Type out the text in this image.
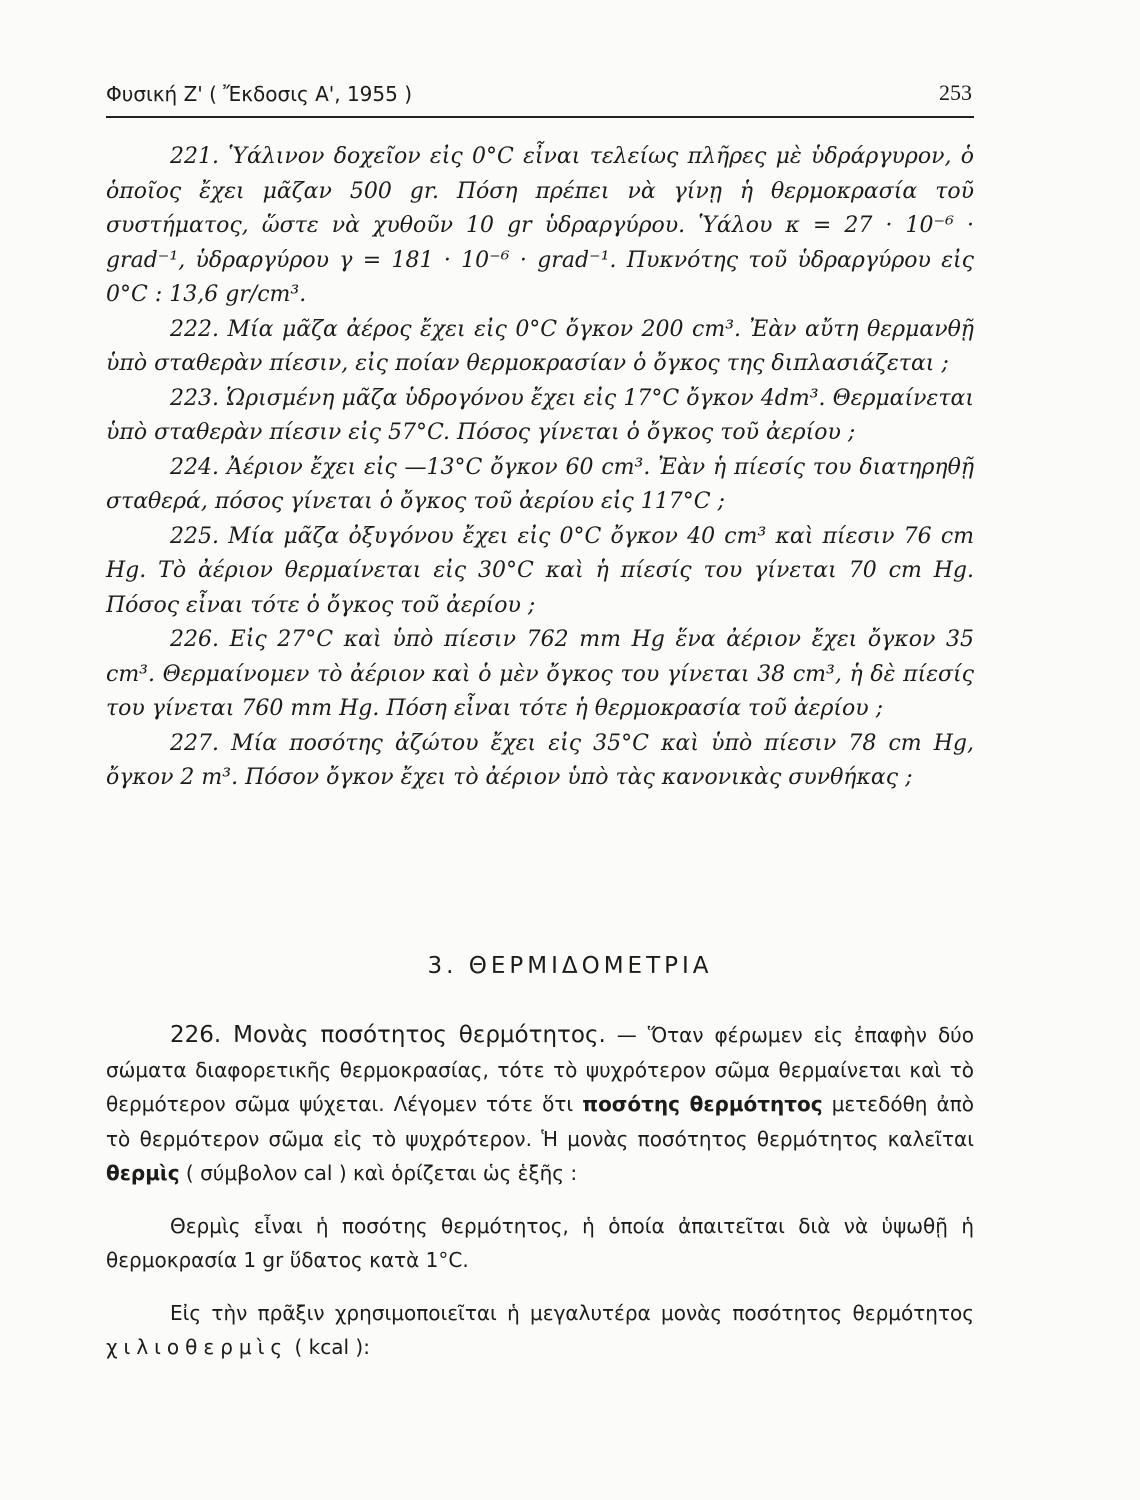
Φυσική Ζ' ( Ἔκδοσις Α', 1955 )	253

221. Ὑάλινον δοχεῖον εἰς 0°C εἶναι τελείως πλῆρες μὲ ὑδράργυρον, ὁ ὁποῖος ἔχει μᾶζαν 500 gr. Πόση πρέπει νὰ γίνῃ ἡ θερμοκρασία τοῦ συστήματος, ὥστε νὰ χυθοῦν 10 gr ὑδραργύρου. Ὑάλου κ = 27 · 10⁻⁶ · grad⁻¹, ὑδραργύρου γ = 181 · 10⁻⁶ · grad⁻¹. Πυκνότης τοῦ ὑδραργύρου εἰς 0°C : 13,6 gr/cm³.

222. Μία μᾶζα ἀέρος ἔχει εἰς 0°C ὄγκον 200 cm³. Ἐὰν αὔτη θερμανθῇ ὑπὸ σταθερὰν πίεσιν, εἰς ποίαν θερμοκρασίαν ὁ ὄγκος της διπλασιάζεται ;

223. Ὡρισμένη μᾶζα ὑδρογόνου ἔχει εἰς 17°C ὄγκον 4dm³. Θερμαίνεται ὑπὸ σταθερὰν πίεσιν εἰς 57°C. Πόσος γίνεται ὁ ὄγκος τοῦ ἀερίου ;

224. Ἀέριον ἔχει εἰς —13°C ὄγκον 60 cm³. Ἐὰν ἡ πίεσίς του διατηρηθῇ σταθερά, πόσος γίνεται ὁ ὄγκος τοῦ ἀερίου εἰς 117°C ;

225. Μία μᾶζα ὀξυγόνου ἔχει εἰς 0°C ὄγκον 40 cm³ καὶ πίεσιν 76 cm Hg. Τὸ ἀέριον θερμαίνεται εἰς 30°C καὶ ἡ πίεσίς του γίνεται 70 cm Hg. Πόσος εἶναι τότε ὁ ὄγκος τοῦ ἀερίου ;

226. Εἰς 27°C καὶ ὑπὸ πίεσιν 762 mm Hg ἕνα ἀέριον ἔχει ὄγκον 35 cm³. Θερμαίνομεν τὸ ἀέριον καὶ ὁ μὲν ὄγκος του γίνεται 38 cm³, ἡ δὲ πίεσίς του γίνεται 760 mm Hg. Πόση εἶναι τότε ἡ θερμοκρασία τοῦ ἀερίου ;

227. Μία ποσότης ἀζώτου ἔχει εἰς 35°C καὶ ὑπὸ πίεσιν 78 cm Hg, ὄγκον 2 m³. Πόσον ὄγκον ἔχει τὸ ἀέριον ὑπὸ τὰς κανονικὰς συνθήκας ;

3. ΘΕΡΜΙΔΟΜΕΤΡΙΑ

226. Μονὰς ποσότητος θερμότητος. — Ὅταν φέρωμεν εἰς ἐπαφὴν δύο σώματα διαφορετικῆς θερμοκρασίας, τότε τὸ ψυχρότερον σῶμα θερμαίνεται καὶ τὸ θερμότερον σῶμα ψύχεται. Λέγομεν τότε ὅτι ποσότης θερμότητος μετεδόθη ἀπὸ τὸ θερμότερον σῶμα εἰς τὸ ψυχρότερον. Ἡ μονὰς ποσότητος θερμότητος καλεῖται θερμὶς ( σύμβολον cal ) καὶ ὁρίζεται ὡς ἑξῆς :

Θερμὶς εἶναι ἡ ποσότης θερμότητος, ἡ ὁποία ἀπαιτεῖται διὰ νὰ ὑψωθῇ ἡ θερμοκρασία 1 gr ὕδατος κατὰ 1°C.

Εἰς τὴν πρᾶξιν χρησιμοποιεῖται ἡ μεγαλυτέρα μονὰς ποσότητος θερμότητος χιλιοθερμὶς ( kcal ):
